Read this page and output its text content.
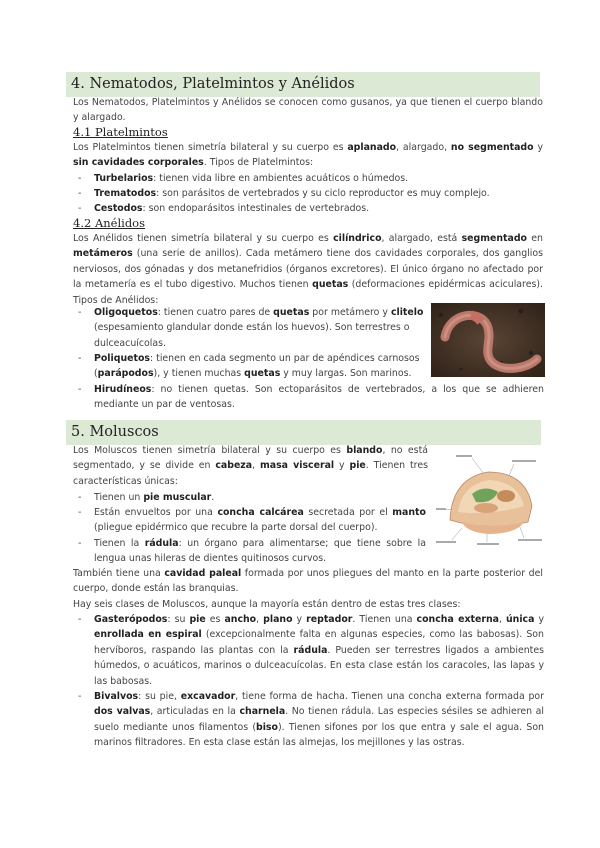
4. Nematodos, Platelmintos y Anélidos
Los Nematodos, Platelmintos y Anélidos se conocen como gusanos, ya que tienen el cuerpo blando y alargado.
4.1 Platelmintos
Los Platelmintos tienen simetría bilateral y su cuerpo es aplanado, alargado, no segmentado y sin cavidades corporales. Tipos de Platelmintos:
- Turbelarios: tienen vida libre en ambientes acuáticos o húmedos.
- Trematodos: son parásitos de vertebrados y su ciclo reproductor es muy complejo.
- Cestodos: son endoparásitos intestinales de vertebrados.
4.2 Anélidos
Los Anélidos tienen simetría bilateral y su cuerpo es cilíndrico, alargado, está segmentado en metámeros (una serie de anillos). Cada metámero tiene dos cavidades corporales, dos ganglios nerviosos, dos gónadas y dos metanefridios (órganos excretores). El único órgano no afectado por la metamería es el tubo digestivo. Muchos tienen quetas (deformaciones epidérmicas aciculares). Tipos de Anélidos:
- Oligoquetos: tienen cuatro pares de quetas por metámero y clitelo (espesamiento glandular donde están los huevos). Son terrestres o dulceacuícolas.
- Poliquetos: tienen en cada segmento un par de apéndices carnosos (parápodos), y tienen muchas quetas y muy largas. Son marinos.
- Hirudíneos: no tienen quetas. Son ectoparásitos de vertebrados, a los que se adhieren mediante un par de ventosas.
5. Moluscos
Los Moluscos tienen simetría bilateral y su cuerpo es blando, no está segmentado, y se divide en cabeza, masa visceral y pie. Tienen tres características únicas:
- Tienen un pie muscular.
- Están envueltos por una concha calcárea secretada por el manto (pliegue epidérmico que recubre la parte dorsal del cuerpo).
- Tienen la rádula: un órgano para alimentarse; que tiene sobre la lengua unas hileras de dientes quitinosos curvos.
También tiene una cavidad paleal formada por unos pliegues del manto en la parte posterior del cuerpo, donde están las branquias.
Hay seis clases de Moluscos, aunque la mayoría están dentro de estas tres clases:
- Gasterópodos: su pie es ancho, plano y reptador. Tienen una concha externa, única y enrollada en espiral (excepcionalmente falta en algunas especies, como las babosas). Son hervíboros, raspando las plantas con la rádula. Pueden ser terrestres ligados a ambientes húmedos, o acuáticos, marinos o dulceacuícolas. En esta clase están los caracoles, las lapas y las babosas.
- Bivalvos: su pie, excavador, tiene forma de hacha. Tienen una concha externa formada por dos valvas, articuladas en la charnela. No tienen rádula. Las especies sésiles se adhieren al suelo mediante unos filamentos (biso). Tienen sifones por los que entra y sale el agua. Son marinos filtradores. En esta clase están las almejas, los mejillones y las ostras.
